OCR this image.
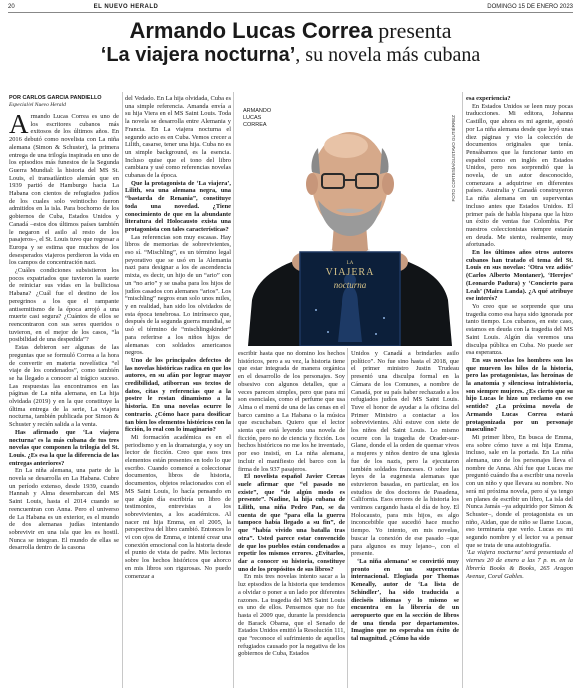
20	EL NUEVO HERALD	DOMINGO 15 DE ENERO 2023
Armando Lucas Correa presenta
‘La viajera nocturna’, su novela más cubana
POR CARLOS GARCÍA PANDIELLO
Especial/el Nuevo Herald

Armando Lucas Correa es uno de los escritores cubanos más exitosos de los últimos años. En 2016 debutó como novelista con La niña alemana (Simon & Schuster), la primera entrega de una trilogía inspirada en uno de los episodios más funestos de la Segunda Guerra Mundial: la historia del MS St. Louis, el transatlántico alemán que en 1939 partió de Hamburgo hacia La Habana con cientos de refugiados judíos de los cuales solo veintiocho fueron admitidos en la isla. Para bochorno de los gobiernos de Cuba, Estados Unidos y Canadá –estos dos últimos países también le negaron el asilo al resto de los pasajeros–, el St. Louis tuvo que regresar a Europa y se estima que muchos de los desesperados viajeros perdieron la vida en los campos de concentración nazi.

¿Cuáles condiciones subsistieron los pocos expatriados que tuvieron la suerte de reiniciar sus vidas en la bulliciosa Habana? ¿Cuál fue el destino de los peregrinos a los que el rampante antisemitismo de la época arrojó a una muerte casi segura? ¿Cuántos de ellos se reencontraron con sus seres queridos o tuvieron, en el mejor de los casos, “la posibilidad de una despedida”?

Estas debieron ser algunas de las preguntas que se formuló Correa a la hora de convertir en materia novelística “el viaje de los condenados”, como también se ha llegado a conocer al trágico suceso. Las respuestas las encontramos en las páginas de La niña alemana, en La hija olvidada (2019) y en la que constituye la última entrega de la serie, La viajera nocturna, también publicada por Simon & Schuster y recién salida a la venta.

Has afirmado que ‘La viajera nocturna’ es la más cubana de tus tres novelas que componen la trilogía del St. Louis. ¿Es esa la que la diferencia de las entregas anteriores?

En La niña alemana, una parte de la novela se desarrolla en La Habana. Cubre un período extenso, desde 1939, cuando Hannah y Alma desembarcan del MS Saint Louis, hasta el 2014 cuando se reencuentran con Anna. Pero el universo de La Habana es un exterior, es el mundo de dos alemanas judías intentando sobrevivir en una isla que les es hostil. Nunca se integran. El mundo de ellas se desarrolla dentro de la casona

del Vedado. En La hija olvidada, Cuba es una simple referencia. Amanda envía a su hija Viera en el MS Saint Louis. Toda la novela se desarrolla entre Alemania y Francia. En La viajera nocturna el segundo acto es en Cuba. Vemos crecer a Lilith, casarse, tener una hija. Cuba no es un simple background, es la esencia. Incluso quise que el tono del libro cambiara y usé como referencias novelas cubanas de la época.

Que la protagonista de ‘La viajera’, Lilith, sea una alemana negra, una “bastarda de Renania”, constituye toda una novedad. ¿Tiene conocimiento de que en la abundante literatura del Holocausto exista una protagonista con tales características?

Las referencias son muy escasas. Hay libros de memorias de sobrevivientes, eso sí. “Mischling”, es un término legal peyorativo que se usó en la Alemania nazi para designar a los de ascendencia mixta, es decir, un hijo de un “ario” con un “no ario” y se usaba para los hijos de judíos casados con alemanes “arios”. Los “mischling” negros eran solo unos miles, y en realidad, han sido los olvidados de esta época tenebrosa. Lo intrínseco que, después de la segunda guerra mundial, se usó el término de “mischlingskinder” para referirse a los niños hijos de alemanas con soldados americanos negros.

Uno de los principales defectos de las novelas históricas radica en que los autores, en su afán por lograr mayor credibilidad, atiborran sus textos de datos, citas y referencias que a la postre le restan dinamismo a la historia. En una novelas ocurre lo contrario. ¿Cómo hace para dosificar tan bien los elementos históricos con la ficción, lo real con lo imaginario?

Mi formación académica es en el periodismo y en la dramaturgia, y soy un lector de ficción. Creo que esos tres elementos están presentes en todo lo que escribo. Cuando comencé a coleccionar documentos, libros de historia, documentos, objetos relacionados con el MS Saint Louis, lo hacía pensando en que algún día escribiría un libro de testimonios, entrevistas a los sobrevivientes, a los académicos. Al nacer mi hija Emma, en el 2005, la perspectiva del libro cambió. Entonces lo vi con ojos de Emma, e intenté crear una conexión emocional con la historia desde el punto de vista de padre. Mis lectoras sobre los hechos históricos que ahorco en mis libros son rigurosas. No puedo comenzar a

LA
VIAJERA
nocturna
ARMANDO
LUCAS
CORREA	FOTO CORTESÍA/GUSTAVO GUTIÉRREZ

escribir hasta que no domino los hechos históricos, pero a su vez, la historia tiene que estar integrada de manera orgánica en el desarrollo de los personajes. Soy obsesivo con algunos detalles, que a veces parecen simples, pero que para mí son esenciales, como el perfume que usa Alma o el menú de una de las cenas en el barco camino a La Habana o la música que escuchaban. Quiero que el lector sienta que está leyendo una novela de ficción, pero no de ciencia y ficción. Los hechos históricos no me los he inventado, por eso insistí, en La niña alemana, incluir el manifiesto del barco con la firma de los 937 pasajeros.

El novelista español Javier Cercas suele afirmar que “el pasado no existe”, que “de algún modo es presente”. Nadine, la hija cubana de Lilith, una niña Pedro Pan, se da cuenta de que “para ella la guerra tampoco había llegado a su fin”, de que “había vivido una batalla tras otra”. Usted parece estar convencido de que los pueblos están condenados a repetir los mismos errores. ¿Evitarlos, dar a conocer su historia, constituye uno de los propósitos de sus libros?

En mis tres novelas intento sacar a la luz episodios de la historia que tendemos a olvidar o poner a un lado por diferentes razones. La tragedia del MS Saint Louis es uno de ellos. Pensemos que no fue hasta el 2009 que, durante la presidencia de Barack Obama, que el Senado de Estados Unidos emitió la Resolución 111, que “reconoce el sufrimiento de aquellos refugiados causado por la negativa de los gobiernos de Cuba, Estados

Unidos y Canadá a brindarles asilo político”. No fue sino hasta el 2018, que el primer ministro Justin Trudeau presentó una disculpa formal en la Cámara de los Comunes, a nombre de Canadá, por su país haber rechazado a los refugiados judíos del MS Saint Louis. Tuve el honor de ayudar a la oficina del Primer Ministro a contactar a los sobrevivientes. Ahí estuve con siete de los niños del Saint Louis. Lo mismo ocurre con la tragedia de Orader-sur-Glane, donde el la orden de quemar vivos a mujeres y niños dentro de una iglesia fue de los nazis, pero la ejecutaron también soldados franceses. O sobre las leyes de la eugenesia alemanas que estuvieron basadas, en particular, en los estudios de dos doctores de Pasadena, California. Esos errores de la historia los venimos cargando hasta el día de hoy. El Holocausto, para mis hijos, es algo inconcebible que sucedió hace mucho tiempo. Yo intento, en mis novelas, buscar la conexión de ese pasado –que para algunos es muy lejano–, con el presente.

‘La niña alemana’ se convirtió muy pronto en un superventas internacional. Elogiada por Thomas Keneally, autor de ‘La lista de Schindler’, ha sido traducida a dieciséis idiomas y lo mismo se encuentra en la librería de un aeropuerto que en la sección de libros de una tienda por departamentos. Imagino que no esperaba un éxito de tal magnitud. ¿Cómo ha sido

esa experiencia?

En Estados Unidos se leen muy pocas traducciones. Mi editora, Johanna Castillo, que ahora es mi agente, apostó por La niña alemana desde que leyó unas diez páginas y vio la colección de documentos originales que tenía. Pensábamos que la funcionar tanto en español como en inglés en Estados Unidos, pero nos sorprendió que la novela, de un autor desconocido, comenzara a adquirirse en diferentes países. Australia y Canadá construyeron La niña alemana en un superventas incluso antes que Estados Unidos. El primer país de habla hispana que la hizo un éxito de ventas fue Colombia. Por nuestros coleccionistas siempre estarán en deuda. Me siento, realmente, muy afortunado.

En los últimos años otros autores cubanos han tratado el tema del St. Louis en sus novelas: ‘Otra vez adiós’ (Carlos Alberto Montaner), ‘Herejes’ (Leonardo Padura) y ‘Concierto para Leah’ (Maira Landa). ¿A qué atribuye ese interés?

Yo creo que se sorprende que una tragedia como esa haya sido ignorada por tanto tiempo. Los cubanos, en este caso, estamos en deuda con la tragedia del MS Saint Louis. Algún día veremos una disculpa pública en Cuba. No puede ser esa esperanza.

En sus novelas los hombres son los que mueven los hilos de la historia, pero las protagonistas, las heroínas de la anatomía y silenciosa intrahistoria, son siempre mujeres. ¿Es cierto que su hijo Lucas le hizo un reclamo en ese sentido? ¿La próxima novela de Armando Lucas Correa estará protagonizada por un personaje masculino?

Mi primer libro, En busca de Emma, era sobre cómo tuve a mi hija Emma, incluso, sale en la portada. En La niña alemana, uno de los personajes lleva el nombre de Anna. Ahí fue que Lucas me preguntó cuándo iba a escribir una novela con un niño y que llevara su nombre. No será mi próxima novela, pero sí ya tengo en planes de escribir un libro, La isla del Nunca Jamás –ya adquirido por Simon & Schuster–, donde el protagonista es un niño, Aidan, que de niño se llame Lucas, eso terminaría que verlo. Lucas es mi segundo nombre y el lector va a pensar que se trata de una autobiografía.

‘La viajera nocturna’ será presentada el viernes 20 de enero a las 7 p. m. en la librería Books & Books, 265 Aragon Avenue, Coral Gables.
